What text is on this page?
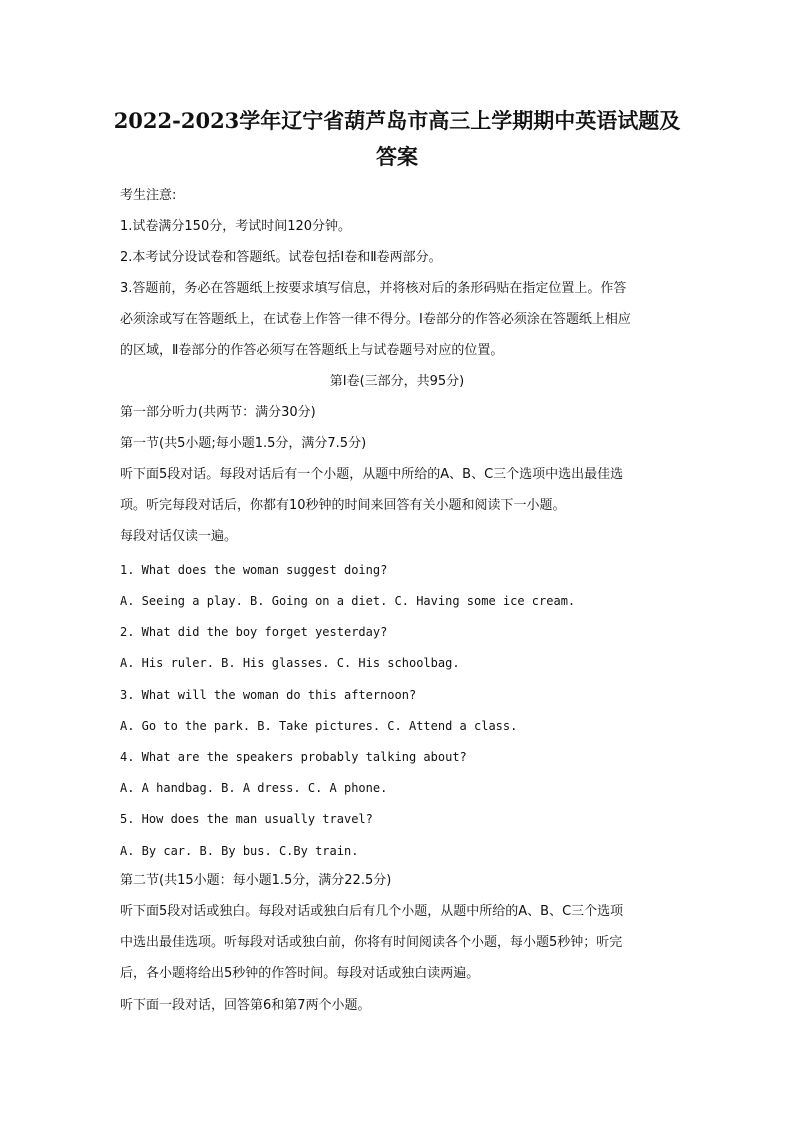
2022-2023学年辽宁省葫芦岛市高三上学期期中英语试题及
答案
考生注意:
1.试卷满分150分，考试时间120分钟。
2.本考试分设试卷和答题纸。试卷包括Ⅰ卷和Ⅱ卷两部分。
3.答题前，务必在答题纸上按要求填写信息，并将核对后的条形码贴在指定位置上。作答
必须涂或写在答题纸上，在试卷上作答一律不得分。Ⅰ卷部分的作答必须涂在答题纸上相应
的区域，Ⅱ卷部分的作答必须写在答题纸上与试卷题号对应的位置。
第Ⅰ卷(三部分，共95分)
第一部分听力(共两节：满分30分)
第一节(共5小题;每小题1.5分，满分7.5分)
听下面5段对话。每段对话后有一个小题，从题中所给的A、B、C三个选项中选出最佳选
项。听完每段对话后，你都有10秒钟的时间来回答有关小题和阅读下一小题。
每段对话仅读一遍。
1. What does the woman suggest doing?
A. Seeing a play. B. Going on a diet. C. Having some ice cream.
2. What did the boy forget yesterday?
A. His ruler. B. His glasses. C. His schoolbag.
3. What will the woman do this afternoon?
A. Go to the park. B. Take pictures. C. Attend a class.
4. What are the speakers probably talking about?
A. A handbag. B. A dress. C. A phone.
5. How does the man usually travel?
A. By car. B. By bus. C.By train.
第二节(共15小题：每小题1.5分，满分22.5分)
听下面5段对话或独白。每段对话或独白后有几个小题，从题中所给的A、B、C三个选项
中选出最佳选项。听每段对话或独白前，你将有时间阅读各个小题，每小题5秒钟；听完
后，各小题将给出5秒钟的作答时间。每段对话或独白读两遍。
听下面一段对话，回答第6和第7两个小题。
